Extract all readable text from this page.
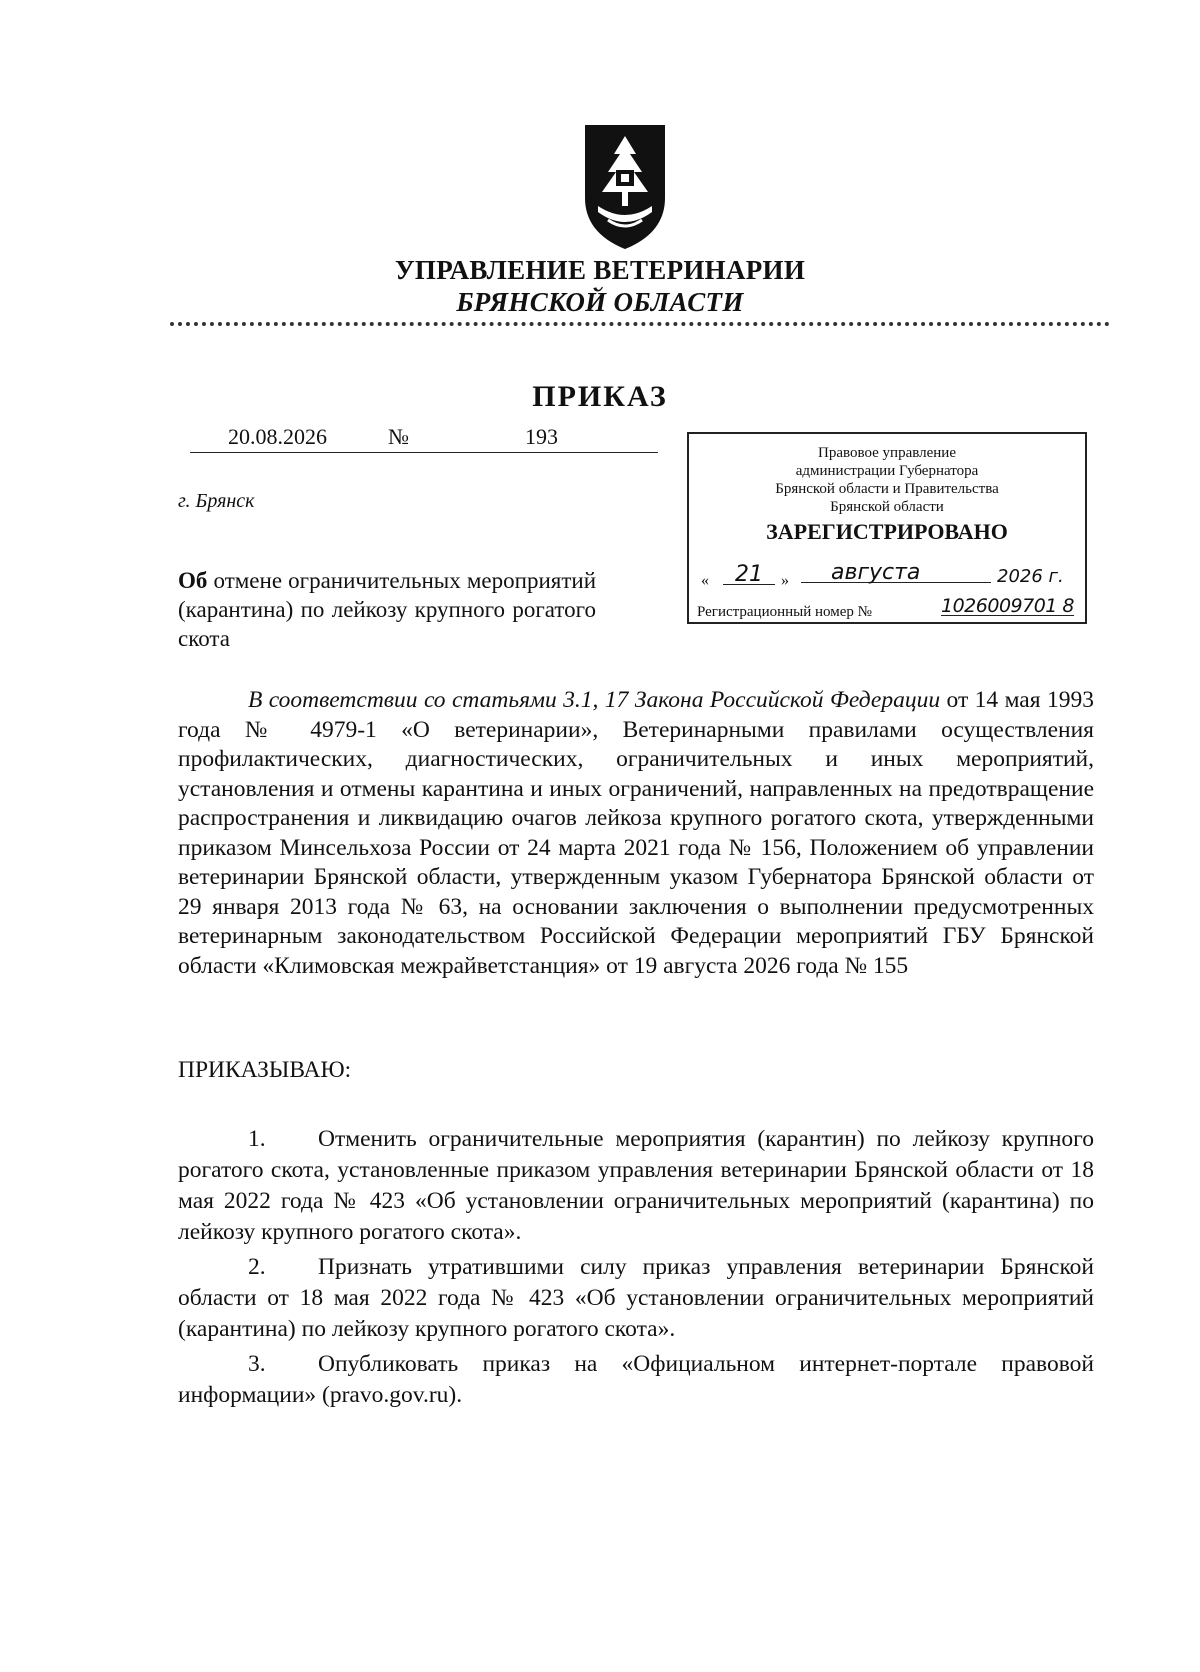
УПРАВЛЕНИЕ ВЕТЕРИНАРИИ
БРЯНСКОЙ ОБЛАСТИ
ПРИКАЗ
20.08.2026	№	193
г. Брянск
Правовое управление
администрации Губернатора
Брянской области и Правительства
Брянской области
ЗАРЕГИСТРИРОВАНО
«	21	»	августа	2026 г.
Регистрационный номер №	1026009701 8
Об отмене ограничительных мероприятий (карантина) по лейкозу крупного рогатого скота

В соответствии со статьями 3.1, 17 Закона Российской Федерации от 14 мая 1993 года № 4979-1 «О ветеринарии», Ветеринарными правилами осуществления профилактических, диагностических, ограничительных и иных мероприятий, установления и отмены карантина и иных ограничений, направленных на предотвращение распространения и ликвидацию очагов лейкоза крупного рогатого скота, утвержденными приказом Минсельхоза России от 24 марта 2021 года № 156, Положением об управлении ветеринарии Брянской области, утвержденным указом Губернатора Брянской области от 29 января 2013 года № 63, на основании заключения о выполнении предусмотренных ветеринарным законодательством Российской Федерации мероприятий ГБУ Брянской области «Климовская межрайветстанция» от 19 августа 2026 года № 155

ПРИКАЗЫВАЮ:

1. Отменить ограничительные мероприятия (карантин) по лейкозу крупного рогатого скота, установленные приказом управления ветеринарии Брянской области от 18 мая 2022 года № 423 «Об установлении ограничительных мероприятий (карантина) по лейкозу крупного рогатого скота».

2. Признать утратившими силу приказ управления ветеринарии Брянской области от 18 мая 2022 года № 423 «Об установлении ограничительных мероприятий (карантина) по лейкозу крупного рогатого скота».

3. Опубликовать приказ на «Официальном интернет-портале правовой информации» (pravo.gov.ru).
